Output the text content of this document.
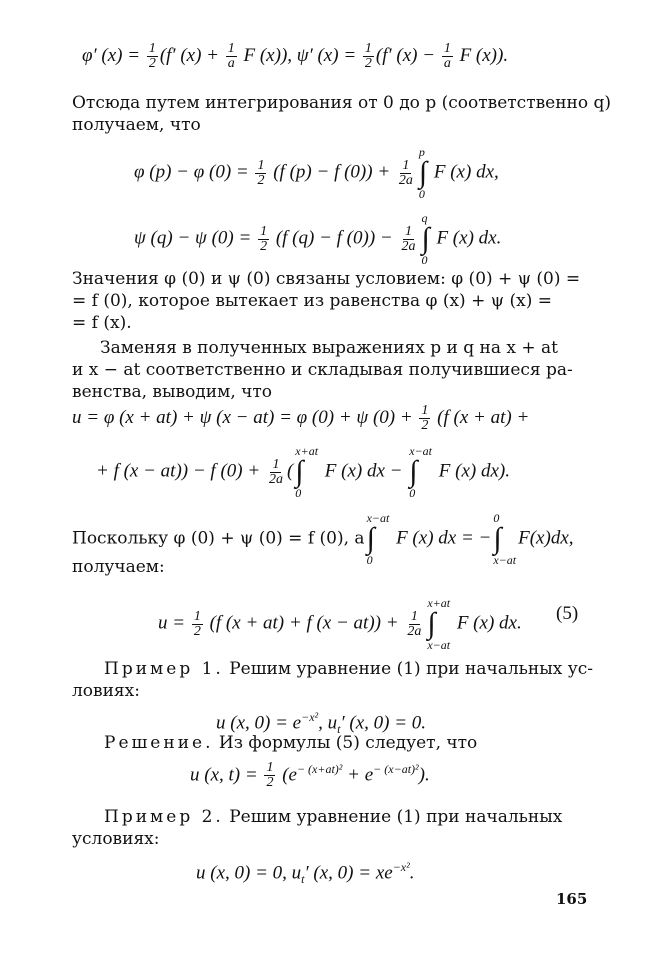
φ′ $(x) = \frac{1}{2} (f'$ $(x) + \frac{1}{a}$ F (x)), ψ′ $(x) = \frac{1}{2} (f'$ $(x) - \frac{1}{a}$ F (x)).
Отсюда путем интегрирования от 0 до p (соответственно q)
получаем, что
φ (p) − φ $(0) = \frac{1}{2} (f$ (p) − f $(0)) + \frac{1}{2a}$
p
∫
0
F (x) dx,
ψ (q) − ψ $(0) = \frac{1}{2} (f$ (q) − f $(0)) - \frac{1}{2a}$
q
∫
0
F (x) dx.
Значения φ (0) и ψ (0) связаны условием: φ (0) + ψ (0) =
= f (0), которое вытекает из равенства φ (x) + ψ (x) =
= f (x).
Заменяя в полученных выражениях p и q на x + at
и x − at соответственно и складывая получившиеся ра-
венства, выводим, что
u = φ (x + at) + ψ (x − at) = φ (0) + ψ $(0) + \frac{1}{2} (f$ (x + at) +
+ f (x − at)) − f $(0) + \frac{1}{2a}$ (
x+at
∫
0
F (x) dx −
x−at
∫
0
F (x) dx).
Поскольку φ (0) + ψ (0) = f (0), а
x−at
∫
0
F (x) dx = −
0
∫
x−at
F(x)dx,
получаем:
$u = \frac{1}{2} (f$ (x + at) + f $(x - at)) + \frac{1}{2a}$
x+at
∫
x−at
F (x) dx. (5)
Пример 1. Решим уравнение (1) при начальных ус-
ловиях:
u (x, $0) = e^{-x^2}$, $u_t'$ (x, 0) = 0.
Решение. Из формулы (5) следует, что
u (x, $t) = \frac{1}{2} (e^{- (x+at)^2} + e^{- (x-at)^2})$.
Пример 2. Решим уравнение (1) при начальных
условиях:
u (x, 0) = 0, $u_t'$ (x, $0) = xe^{-x^2}$.
165
